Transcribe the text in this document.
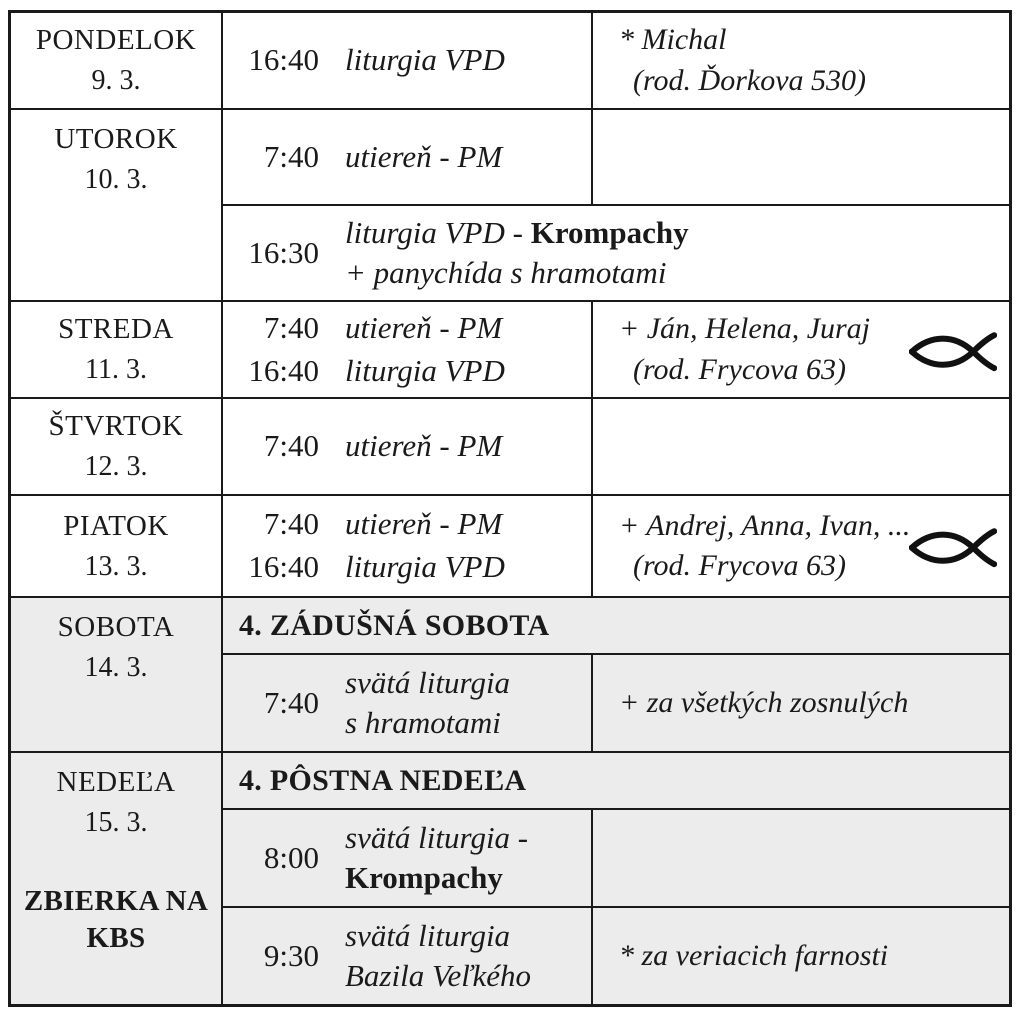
PONDELOK
9. 3.
16:40 liturgia VPD
* Michal
(rod. Ďorkova 530)
UTOROK
10. 3.
7:40 utiereň - PM
16:30
liturgia VPD - Krompachy
+ panychída s hramotami
STREDA
11. 3.
7:40 utiereň - PM
16:40 liturgia VPD
+ Ján, Helena, Juraj
(rod. Frycova 63)
ŠTVRTOK
12. 3.
7:40 utiereň - PM
PIATOK
13. 3.
7:40 utiereň - PM
16:40 liturgia VPD
+ Andrej, Anna, Ivan, ...
(rod. Frycova 63)
SOBOTA
14. 3.
4. ZÁDUŠNÁ SOBOTA
7:40
svätá liturgia
s hramotami
+ za všetkých zosnulých
NEDEĽA
15. 3.
ZBIERKA NA KBS
4. PÔSTNA NEDEĽA
8:00
svätá liturgia -
Krompachy
9:30
svätá liturgia
Bazila Veľkého
* za veriacich farnosti
